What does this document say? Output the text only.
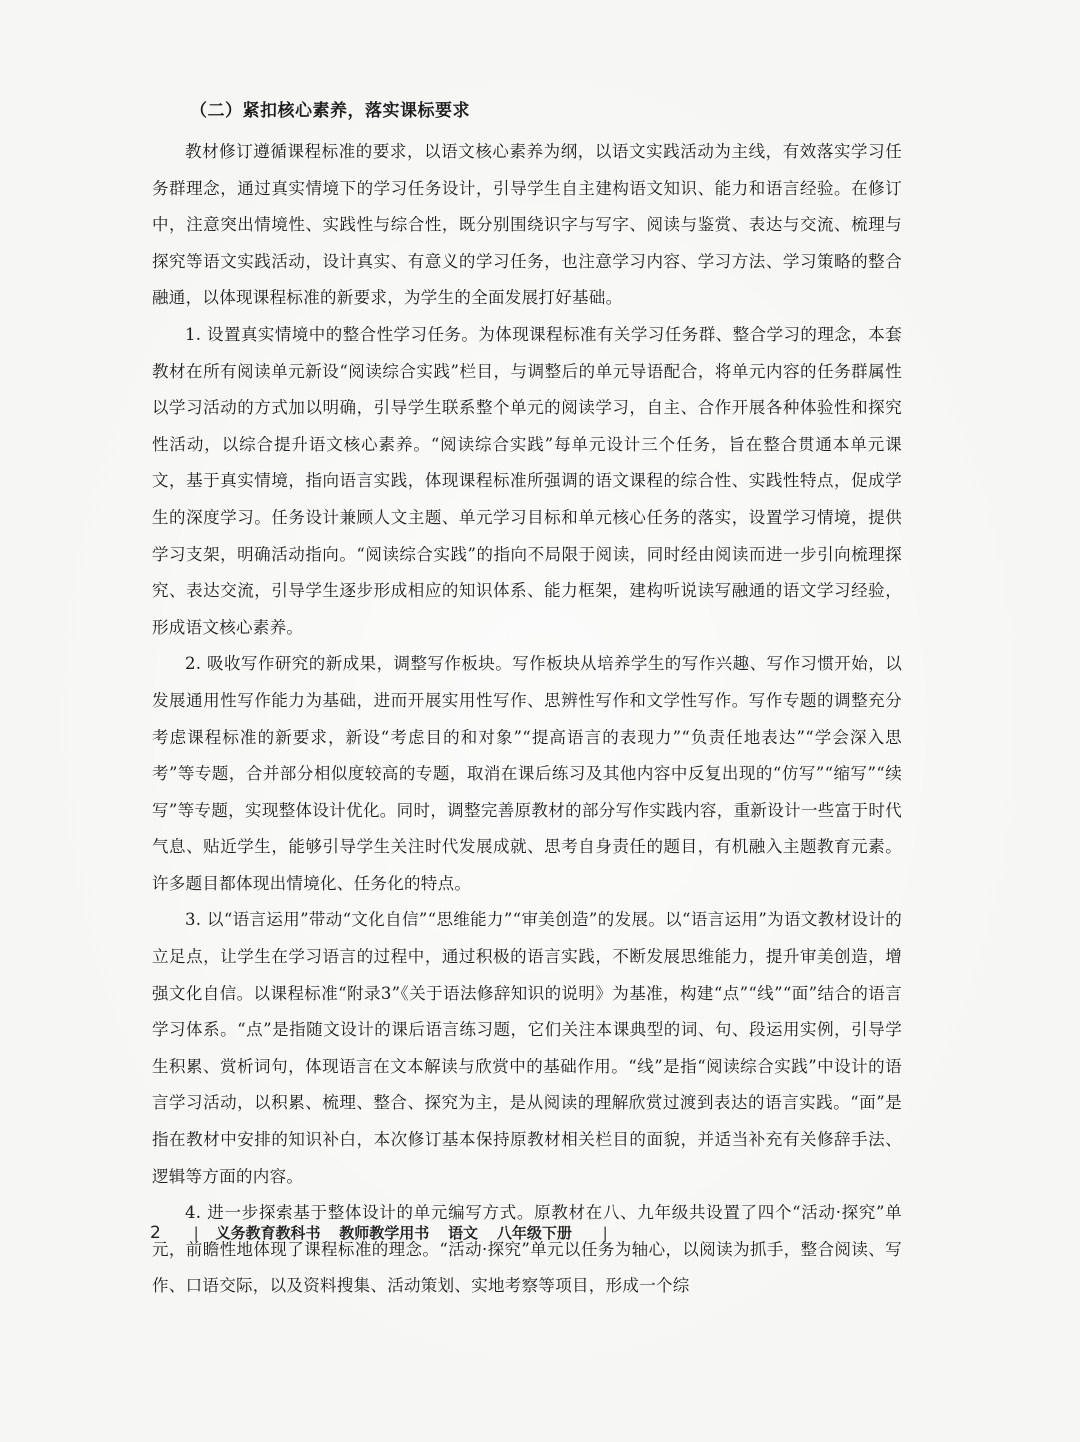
（二）紧扣核心素养，落实课标要求

教材修订遵循课程标准的要求，以语文核心素养为纲，以语文实践活动为主线，有效落实学习任务群理念，通过真实情境下的学习任务设计，引导学生自主建构语文知识、能力和语言经验。在修订中，注意突出情境性、实践性与综合性，既分别围绕识字与写字、阅读与鉴赏、表达与交流、梳理与探究等语文实践活动，设计真实、有意义的学习任务，也注意学习内容、学习方法、学习策略的整合融通，以体现课程标准的新要求，为学生的全面发展打好基础。

1. 设置真实情境中的整合性学习任务。为体现课程标准有关学习任务群、整合学习的理念，本套教材在所有阅读单元新设“阅读综合实践”栏目，与调整后的单元导语配合，将单元内容的任务群属性以学习活动的方式加以明确，引导学生联系整个单元的阅读学习，自主、合作开展各种体验性和探究性活动，以综合提升语文核心素养。“阅读综合实践”每单元设计三个任务，旨在整合贯通本单元课文，基于真实情境，指向语言实践，体现课程标准所强调的语文课程的综合性、实践性特点，促成学生的深度学习。任务设计兼顾人文主题、单元学习目标和单元核心任务的落实，设置学习情境，提供学习支架，明确活动指向。“阅读综合实践”的指向不局限于阅读，同时经由阅读而进一步引向梳理探究、表达交流，引导学生逐步形成相应的知识体系、能力框架，建构听说读写融通的语文学习经验，形成语文核心素养。

2. 吸收写作研究的新成果，调整写作板块。写作板块从培养学生的写作兴趣、写作习惯开始，以发展通用性写作能力为基础，进而开展实用性写作、思辨性写作和文学性写作。写作专题的调整充分考虑课程标准的新要求，新设“考虑目的和对象”“提高语言的表现力”“负责任地表达”“学会深入思考”等专题，合并部分相似度较高的专题，取消在课后练习及其他内容中反复出现的“仿写”“缩写”“续写”等专题，实现整体设计优化。同时，调整完善原教材的部分写作实践内容，重新设计一些富于时代气息、贴近学生，能够引导学生关注时代发展成就、思考自身责任的题目，有机融入主题教育元素。许多题目都体现出情境化、任务化的特点。

3. 以“语言运用”带动“文化自信”“思维能力”“审美创造”的发展。以“语言运用”为语文教材设计的立足点，让学生在学习语言的过程中，通过积极的语言实践，不断发展思维能力，提升审美创造，增强文化自信。以课程标准“附录3”《关于语法修辞知识的说明》为基准，构建“点”“线”“面”结合的语言学习体系。“点”是指随文设计的课后语言练习题，它们关注本课典型的词、句、段运用实例，引导学生积累、赏析词句，体现语言在文本解读与欣赏中的基础作用。“线”是指“阅读综合实践”中设计的语言学习活动，以积累、梳理、整合、探究为主，是从阅读的理解欣赏过渡到表达的语言实践。“面”是指在教材中安排的知识补白，本次修订基本保持原教材相关栏目的面貌，并适当补充有关修辞手法、逻辑等方面的内容。

4. 进一步探索基于整体设计的单元编写方式。原教材在八、九年级共设置了四个“活动·探究”单元，前瞻性地体现了课程标准的理念。“活动·探究”单元以任务为轴心，以阅读为抓手，整合阅读、写作、口语交际，以及资料搜集、活动策划、实地考察等项目，形成一个综

2 | 义务教育教科书 教师教学用书 语文 八年级下册 |
